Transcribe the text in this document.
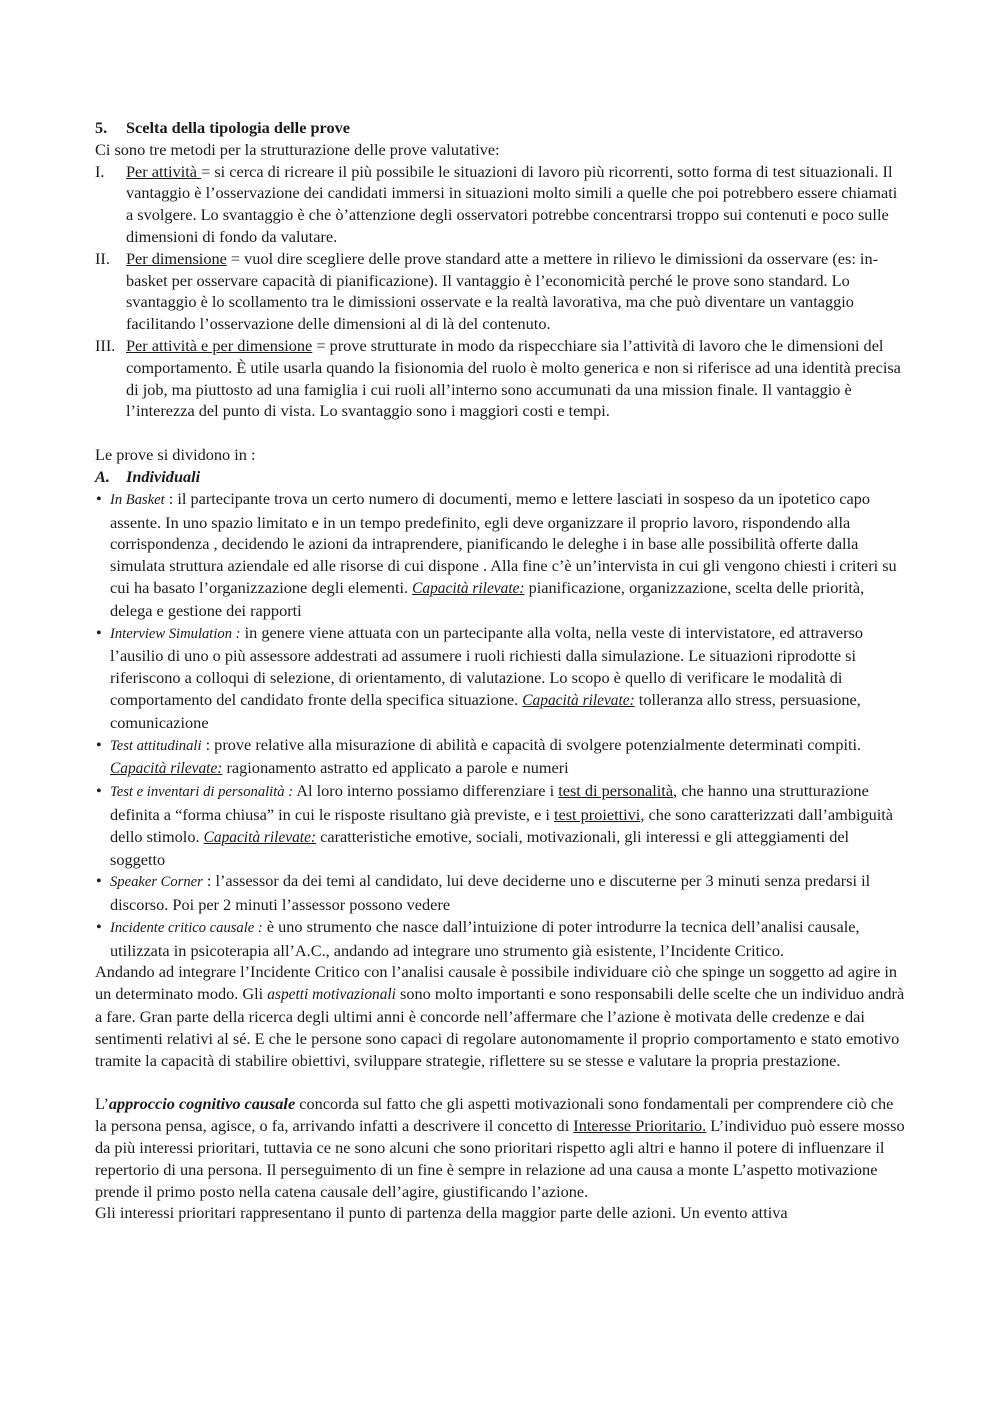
5. Scelta della tipologia delle prove

Ci sono tre metodi per la strutturazione delle prove valutative:

I. Per attività = si cerca di ricreare il più possibile le situazioni di lavoro più ricorrenti, sotto forma di test situazionali. Il vantaggio è l’osservazione dei candidati immersi in situazioni molto simili a quelle che poi potrebbero essere chiamati a svolgere. Lo svantaggio è che ò’attenzione degli osservatori potrebbe concentrarsi troppo sui contenuti e poco sulle dimensioni di fondo da valutare.
II. Per dimensione = vuol dire scegliere delle prove standard atte a mettere in rilievo le dimissioni da osservare (es: in-basket per osservare capacità di pianificazione). Il vantaggio è l’economicità perché le prove sono standard. Lo svantaggio è lo scollamento tra le dimissioni osservate e la realtà lavorativa, ma che può diventare un vantaggio facilitando l’osservazione delle dimensioni al di là del contenuto.
III. Per attività e per dimensione = prove strutturate in modo da rispecchiare sia l’attività di lavoro che le dimensioni del comportamento. È utile usarla quando la fisionomia del ruolo è molto generica e non si riferisce ad una identità precisa di job, ma piuttosto ad una famiglia i cui ruoli all’interno sono accumunati da una mission finale. Il vantaggio è l’interezza del punto di vista. Lo svantaggio sono i maggiori costi e tempi.

Le prove si dividono in :

A. Individuali

• In Basket : il partecipante trova un certo numero di documenti, memo e lettere lasciati in sospeso da un ipotetico capo assente. In uno spazio limitato e in un tempo predefinito, egli deve organizzare il proprio lavoro, rispondendo alla corrispondenza , decidendo le azioni da intraprendere, pianificando le deleghe i in base alle possibilità offerte dalla simulata struttura aziendale ed alle risorse di cui dispone . Alla fine c’è un’intervista in cui gli vengono chiesti i criteri su cui ha basato l’organizzazione degli elementi. Capacità rilevate: pianificazione, organizzazione, scelta delle priorità, delega e gestione dei rapporti
• Interview Simulation : in genere viene attuata con un partecipante alla volta, nella veste di intervistatore, ed attraverso l’ausilio di uno o più assessore addestrati ad assumere i ruoli richiesti dalla simulazione. Le situazioni riprodotte si riferiscono a colloqui di selezione, di orientamento, di valutazione. Lo scopo è quello di verificare le modalità di comportamento del candidato fronte della specifica situazione. Capacità rilevate: tolleranza allo stress, persuasione, comunicazione
• Test attitudinali : prove relative alla misurazione di abilità e capacità di svolgere potenzialmente determinati compiti. Capacità rilevate: ragionamento astratto ed applicato a parole e numeri
• Test e inventari di personalità : Al loro interno possiamo differenziare i test di personalità, che hanno una strutturazione definita a “forma chiusa” in cui le risposte risultano già previste, e i test proiettivi, che sono caratterizzati dall’ambiguità dello stimolo. Capacità rilevate: caratteristiche emotive, sociali, motivazionali, gli interessi e gli atteggiamenti del soggetto
• Speaker Corner : l’assessor da dei temi al candidato, lui deve deciderne uno e discuterne per 3 minuti senza predarsi il discorso. Poi per 2 minuti l’assessor possono vedere
• Incidente critico causale : è uno strumento che nasce dall’intuizione di poter introdurre la tecnica dell’analisi causale, utilizzata in psicoterapia all’A.C., andando ad integrare uno strumento già esistente, l’Incidente Critico.

Andando ad integrare l’Incidente Critico con l’analisi causale è possibile individuare ciò che spinge un soggetto ad agire in un determinato modo. Gli aspetti motivazionali sono molto importanti e sono responsabili delle scelte che un individuo andrà a fare. Gran parte della ricerca degli ultimi anni è concorde nell’affermare che l’azione è motivata delle credenze e dai sentimenti relativi al sé. E che le persone sono capaci di regolare autonomamente il proprio comportamento e stato emotivo tramite la capacità di stabilire obiettivi, sviluppare strategie, riflettere su se stesse e valutare la propria prestazione.

L’approccio cognitivo causale concorda sul fatto che gli aspetti motivazionali sono fondamentali per comprendere ciò che la persona pensa, agisce, o fa, arrivando infatti a descrivere il concetto di Interesse Prioritario. L’individuo può essere mosso da più interessi prioritari, tuttavia ce ne sono alcuni che sono prioritari rispetto agli altri e hanno il potere di influenzare il repertorio di una persona. Il perseguimento di un fine è sempre in relazione ad una causa a monte L’aspetto motivazione prende il primo posto nella catena causale dell’agire, giustificando l’azione.

Gli interessi prioritari rappresentano il punto di partenza della maggior parte delle azioni. Un evento attiva
